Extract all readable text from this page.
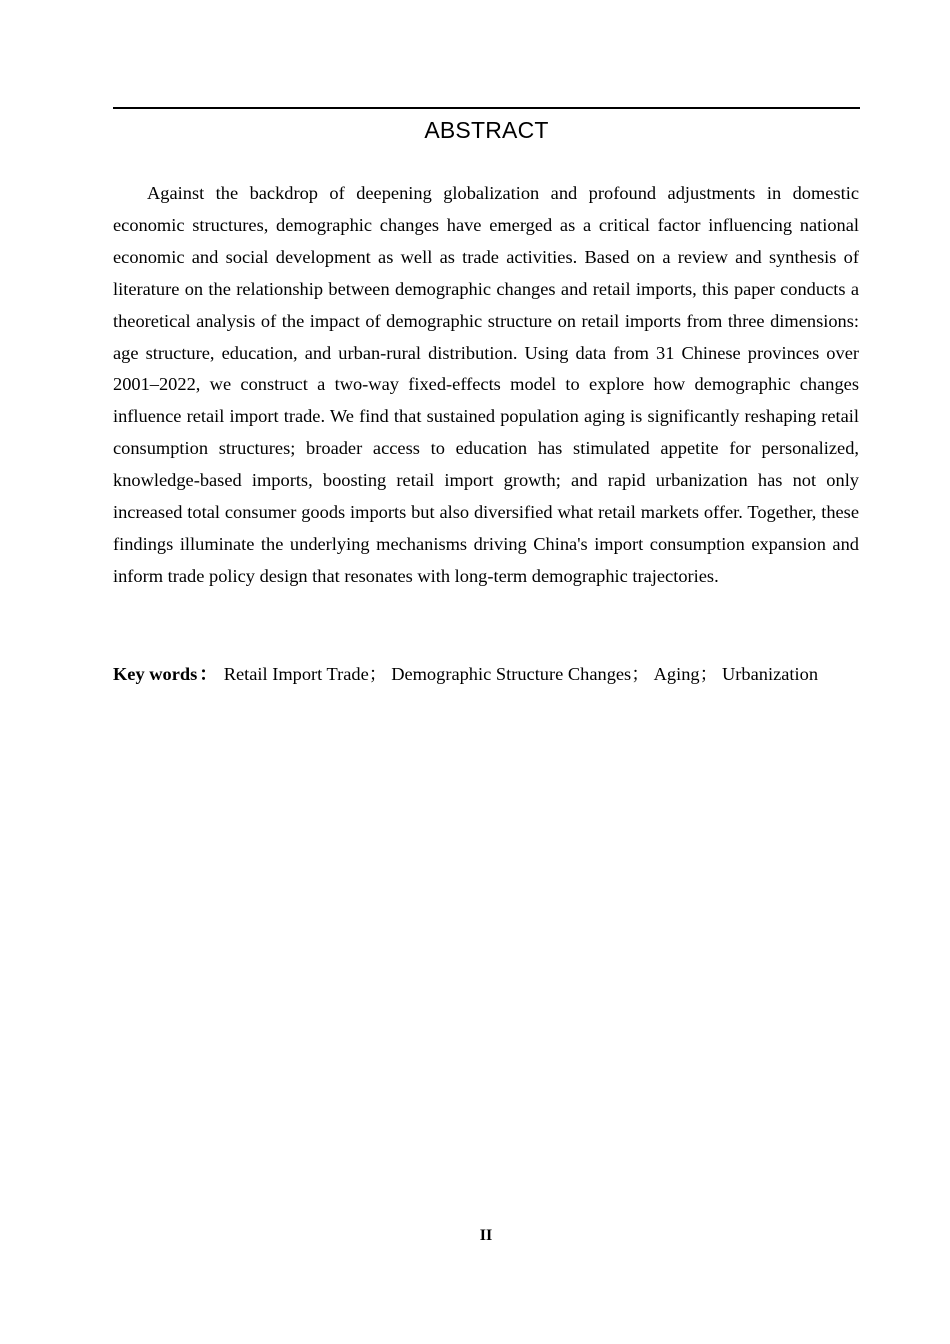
ABSTRACT

Against the backdrop of deepening globalization and profound adjustments in domestic economic structures, demographic changes have emerged as a critical factor influencing national economic and social development as well as trade activities. Based on a review and synthesis of literature on the relationship between demographic changes and retail imports, this paper conducts a theoretical analysis of the impact of demographic structure on retail imports from three dimensions: age structure, education, and urban-rural distribution. Using data from 31 Chinese provinces over 2001–2022, we construct a two-way fixed-effects model to explore how demographic changes influence retail import trade. We find that sustained population aging is significantly reshaping retail consumption structures; broader access to education has stimulated appetite for personalized, knowledge-based imports, boosting retail import growth; and rapid urbanization has not only increased total consumer goods imports but also diversified what retail markets offer. Together, these findings illuminate the underlying mechanisms driving China's import consumption expansion and inform trade policy design that resonates with long-term demographic trajectories.

Key words ： Retail Import Trade； Demographic Structure Changes； Aging； Urbanization
II
